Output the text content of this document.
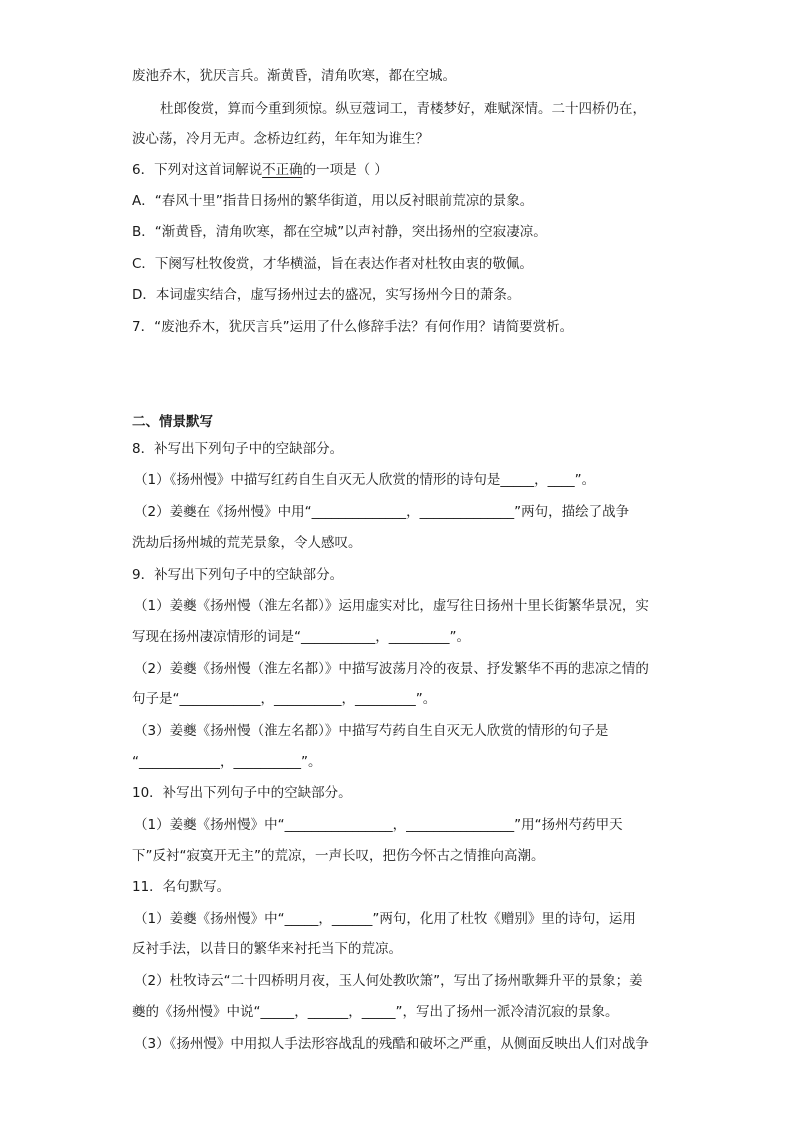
废池乔木，犹厌言兵。渐黄昏，清角吹寒，都在空城。
杜郎俊赏，算而今重到须惊。纵豆蔻词工，青楼梦好，难赋深情。二十四桥仍在，
波心荡，冷月无声。念桥边红药，年年知为谁生？
6．下列对这首词解说不正确的一项是（ ）
A．“春风十里”指昔日扬州的繁华街道，用以反衬眼前荒凉的景象。
B．“渐黄昏，清角吹寒，都在空城”以声衬静，突出扬州的空寂凄凉。
C．下阕写杜牧俊赏，才华横溢，旨在表达作者对杜牧由衷的敬佩。
D．本词虚实结合，虚写扬州过去的盛况，实写扬州今日的萧条。
7．“废池乔木，犹厌言兵”运用了什么修辞手法？有何作用？请简要赏析。
二、情景默写
8．补写出下列句子中的空缺部分。
（1）《扬州慢》中描写红药自生自灭无人欣赏的情形的诗句是_____，____”。
（2）姜夔在《扬州慢》中用“______________，______________”两句，描绘了战争
洗劫后扬州城的荒芜景象，令人感叹。
9．补写出下列句子中的空缺部分。
（1）姜夔《扬州慢（淮左名都）》运用虚实对比，虚写往日扬州十里长街繁华景况，实
写现在扬州凄凉情形的词是“___________，_________”。
（2）姜夔《扬州慢（淮左名都）》中描写波荡月冷的夜景、抒发繁华不再的悲凉之情的
句子是“____________，__________，_________”。
（3）姜夔《扬州慢（淮左名都）》中描写芍药自生自灭无人欣赏的情形的句子是
“____________，__________”。
10．补写出下列句子中的空缺部分。
（1）姜夔《扬州慢》中“________________，________________”用“扬州芍药甲天
下”反衬“寂寞开无主”的荒凉，一声长叹，把伤今怀古之情推向高潮。
11．名句默写。
（1）姜夔《扬州慢》中“_____，______”两句，化用了杜牧《赠别》里的诗句，运用
反衬手法，以昔日的繁华来衬托当下的荒凉。
（2）杜牧诗云“二十四桥明月夜，玉人何处教吹箫”，写出了扬州歌舞升平的景象；姜
夔的《扬州慢》中说“_____，______，_____”，写出了扬州一派冷清沉寂的景象。
（3）《扬州慢》中用拟人手法形容战乱的残酷和破坏之严重，从侧面反映出人们对战争
